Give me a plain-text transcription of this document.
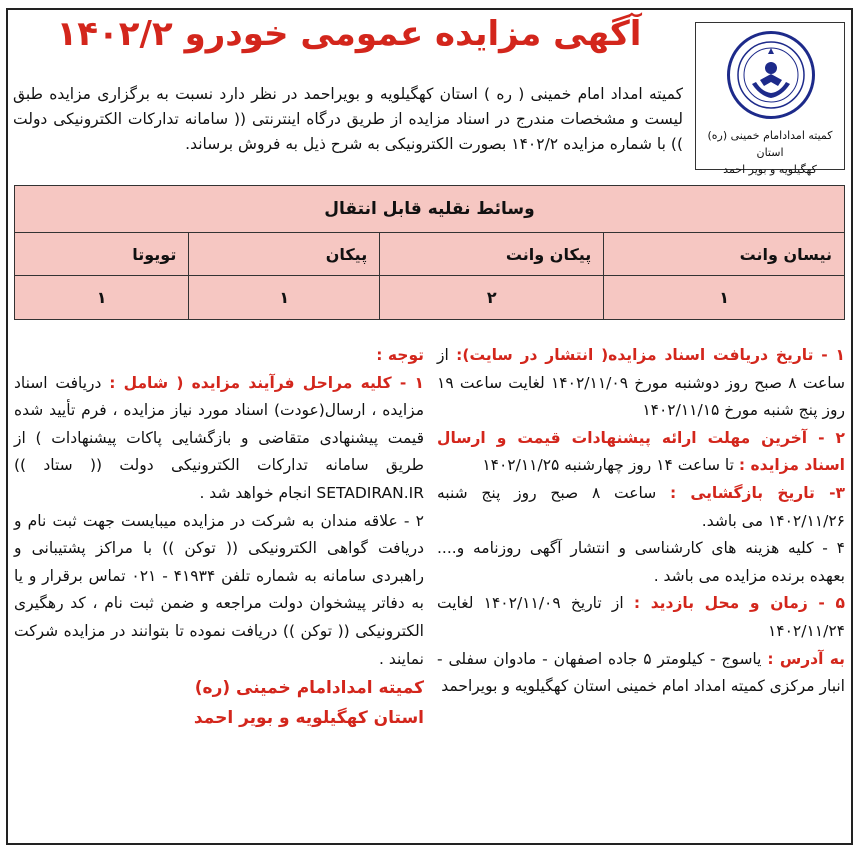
آگهی مزایده عمومی خودرو ۱۴۰۲/۲
کمیته امدادامام خمینی (ره) استان
کهگیلویه و بویر احمد
کمیته امداد امام خمینی ( ره ) استان کهگیلویه و بویراحمد در نظر دارد نسبت به برگزاری مزایده طبق لیست و مشخصات مندرج در اسناد مزایده از طریق درگاه اینترنتی (( سامانه تدارکات الکترونیکی دولت )) با شماره مزایده ۱۴۰۲/۲ بصورت الکترونیکی به شرح ذیل به فروش برساند.
وسائط نقلیه قابل انتقال			
نیسان وانت	پیکان وانت	پیکان	تویوتا
۱	۲	۱	۱

۱ - تاریخ دریافت اسناد مزایده( انتشار در سایت): از ساعت ۸ صبح روز دوشنبه مورخ ۱۴۰۲/۱۱/۰۹ لغایت ساعت ۱۹ روز پنج شنبه مورخ ۱۴۰۲/۱۱/۱۵

۲ - آخرین مهلت ارائه پیشنهادات قیمت و ارسال اسناد مزایده : تا ساعت ۱۴ روز چهارشنبه ۱۴۰۲/۱۱/۲۵

۳- تاریخ بازگشایی : ساعت ۸ صبح روز پنج شنبه ۱۴۰۲/۱۱/۲۶ می باشد.

۴ - کلیه هزینه های کارشناسی و انتشار آگهی روزنامه و.... بعهده برنده مزایده می باشد .

۵ - زمان و محل بازدید : از تاریخ ۱۴۰۲/۱۱/۰۹ لغایت ۱۴۰۲/۱۱/۲۴

به آدرس : یاسوج - کیلومتر ۵ جاده اصفهان - مادوان سفلی - انبار مرکزی کمیته امداد امام خمینی استان کهگیلویه و بویراحمد

توجه :

۱ - کلیه مراحل فرآیند مزایده ( شامل : دریافت اسناد مزایده ، ارسال(عودت) اسناد مورد نیاز مزایده ، فرم تأیید شده قیمت پیشنهادی متقاضی و بازگشایی پاکات پیشنهادات ) از طریق سامانه تدارکات الکترونیکی دولت (( ستاد )) SETADIRAN.IR انجام خواهد شد .

۲ - علاقه مندان به شرکت در مزایده میبایست جهت ثبت نام و دریافت گواهی الکترونیکی (( توکن )) با مراکز پشتیبانی و راهبردی سامانه به شماره تلفن ۴۱۹۳۴ - ۰۲۱ تماس برقرار و یا به دفاتر پیشخوان دولت مراجعه و ضمن ثبت نام ، کد رهگیری الکترونیکی (( توکن )) دریافت نموده تا بتوانند در مزایده شرکت نمایند .

کمیته امدادامام خمینی (ره)

استان کهگیلویه و بویر احمد
